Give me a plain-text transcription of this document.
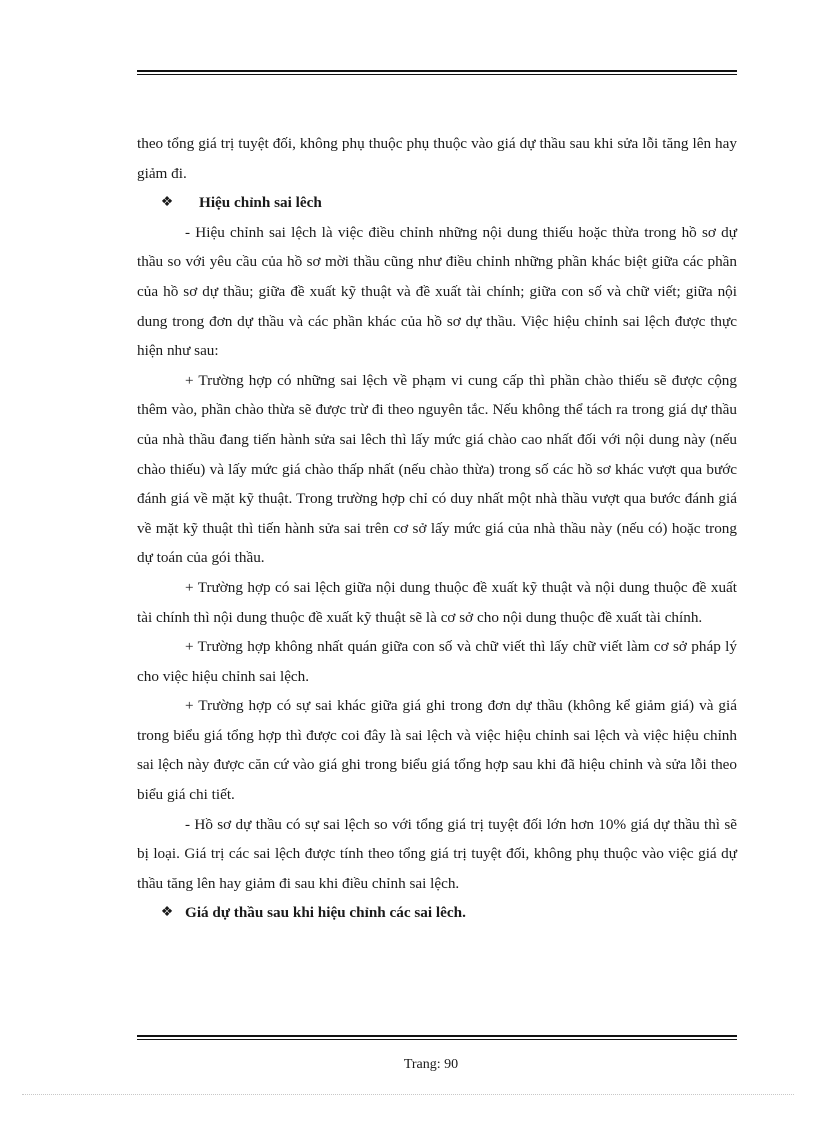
theo tổng giá trị tuyệt đối, không phụ thuộc phụ thuộc vào giá dự thầu sau khi sửa lỗi tăng lên hay giảm đi.

❖	Hiệu chỉnh sai lêch

- Hiệu chỉnh sai lệch là việc điều chỉnh những nội dung thiếu hoặc thừa trong hồ sơ dự thầu so với yêu cầu của hồ sơ mời thầu cũng như điều chỉnh những phần khác biệt giữa các phần của hồ sơ dự thầu; giữa đề xuất kỹ thuật và đề xuất tài chính; giữa con số và chữ viết; giữa nội dung trong đơn dự thầu và các phần khác của hồ sơ dự thầu. Việc hiệu chỉnh sai lệch được thực hiện như sau:

+ Trường hợp có những sai lệch về phạm vi cung cấp thì phần chào thiếu sẽ được cộng thêm vào, phần chào thừa sẽ được trừ đi theo nguyên tắc. Nếu không thể tách ra trong giá dự thầu của nhà thầu đang tiến hành sửa sai lêch thì lấy mức giá chào cao nhất đối với nội dung này (nếu chào thiếu) và lấy mức giá chào thấp nhất (nếu chào thừa) trong số các hồ sơ khác vượt qua bước đánh giá về mặt kỹ thuật. Trong trường hợp chỉ có duy nhất một nhà thầu vượt qua bước đánh giá về mặt kỹ thuật thì tiến hành sửa sai trên cơ sở lấy mức giá của nhà thầu này (nếu có) hoặc trong dự toán của gói thầu.

+ Trường hợp có sai lệch giữa nội dung thuộc đề xuất kỹ thuật và nội dung thuộc đề xuất tài chính thì nội dung thuộc đề xuất kỹ thuật sẽ là cơ sở cho nội dung thuộc đề xuất tài chính.

+ Trường hợp không nhất quán giữa con số và chữ viết thì lấy chữ viết làm cơ sở pháp lý cho việc hiệu chỉnh sai lệch.

+ Trường hợp có sự sai khác giữa giá ghi trong đơn dự thầu (không kể giảm giá) và giá trong biểu giá tổng hợp thì được coi đây là sai lệch và việc hiệu chỉnh sai lệch và việc hiệu chỉnh sai lệch này được căn cứ vào giá ghi trong biểu giá tổng hợp sau khi đã hiệu chỉnh và sửa lỗi theo biểu giá chi tiết.

- Hồ sơ dự thầu có sự sai lệch so với tổng giá trị tuyệt đối lớn hơn 10% giá dự thầu thì sẽ bị loại. Giá trị các sai lệch được tính theo tổng giá trị tuyệt đối, không phụ thuộc vào việc giá dự thầu tăng lên hay giảm đi sau khi điều chỉnh sai lệch.

❖ Giá dự thầu sau khi hiệu chỉnh các sai lêch.

Trang: 90
